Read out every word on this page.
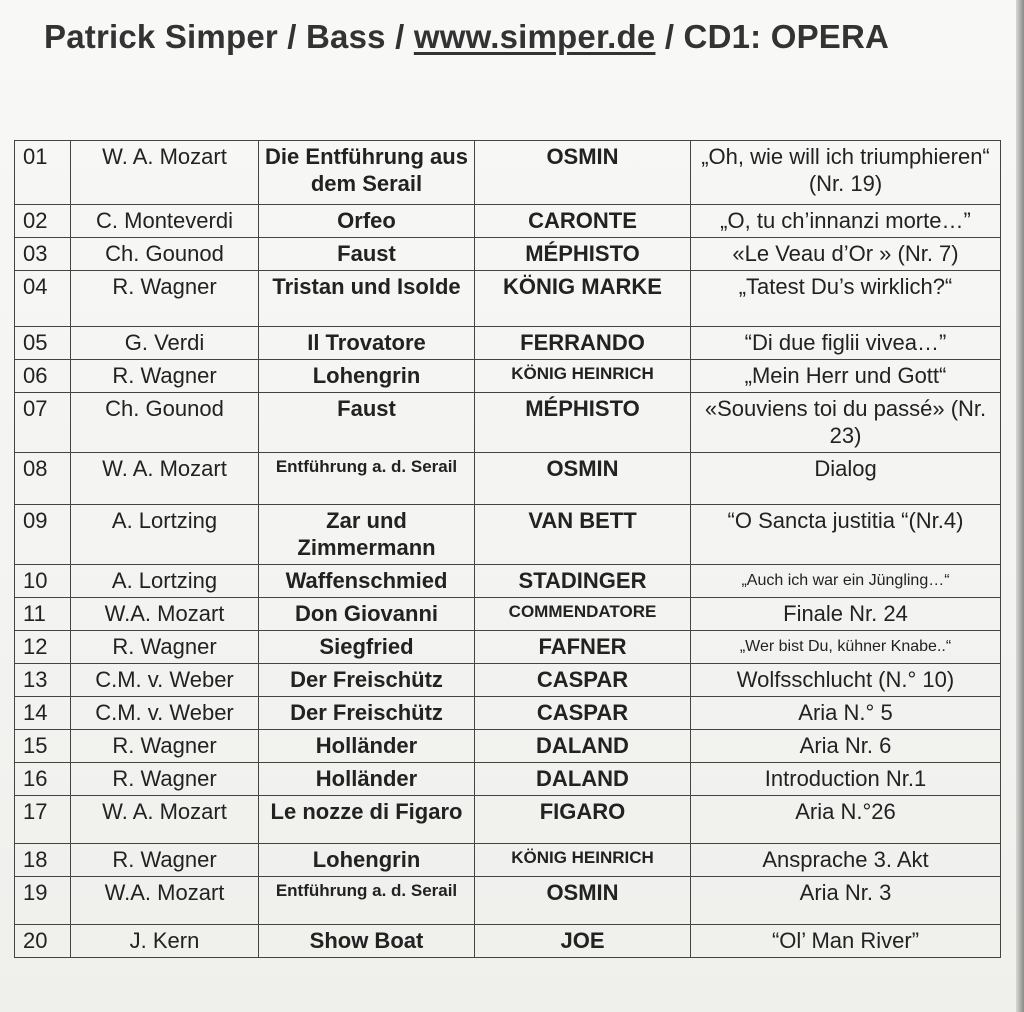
Patrick Simper / Bass / www.simper.de / CD1: OPERA
01	W. A. Mozart	Die Entführung aus dem Serail	OSMIN	„Oh, wie will ich triumphieren“ (Nr. 19)
02	C. Monteverdi	Orfeo	CARONTE	„O, tu ch’innanzi morte…”
03	Ch. Gounod	Faust	MÉPHISTO	«Le Veau d’Or » (Nr. 7)
04	R. Wagner	Tristan und Isolde	KÖNIG MARKE	„Tatest Du’s wirklich?“
05	G. Verdi	Il Trovatore	FERRANDO	“Di due figlii vivea…”
06	R. Wagner	Lohengrin	KÖNIG HEINRICH	„Mein Herr und Gott“
07	Ch. Gounod	Faust	MÉPHISTO	«Souviens toi du passé» (Nr. 23)
08	W. A. Mozart	Entführung a. d. Serail	OSMIN	Dialog
09	A. Lortzing	Zar und Zimmermann	VAN BETT	“O Sancta justitia “(Nr.4)
10	A. Lortzing	Waffenschmied	STADINGER	„Auch ich war ein Jüngling…“
11	W.A. Mozart	Don Giovanni	COMMENDATORE	Finale Nr. 24
12	R. Wagner	Siegfried	FAFNER	„Wer bist Du, kühner Knabe..“
13	C.M. v. Weber	Der Freischütz	CASPAR	Wolfsschlucht (N.° 10)
14	C.M. v. Weber	Der Freischütz	CASPAR	Aria N.° 5
15	R. Wagner	Holländer	DALAND	Aria Nr. 6
16	R. Wagner	Holländer	DALAND	Introduction Nr.1
17	W. A. Mozart	Le nozze di Figaro	FIGARO	Aria N.°26
18	R. Wagner	Lohengrin	KÖNIG HEINRICH	Ansprache 3. Akt
19	W.A. Mozart	Entführung a. d. Serail	OSMIN	Aria Nr. 3
20	J. Kern	Show Boat	JOE	“Ol’ Man River”
